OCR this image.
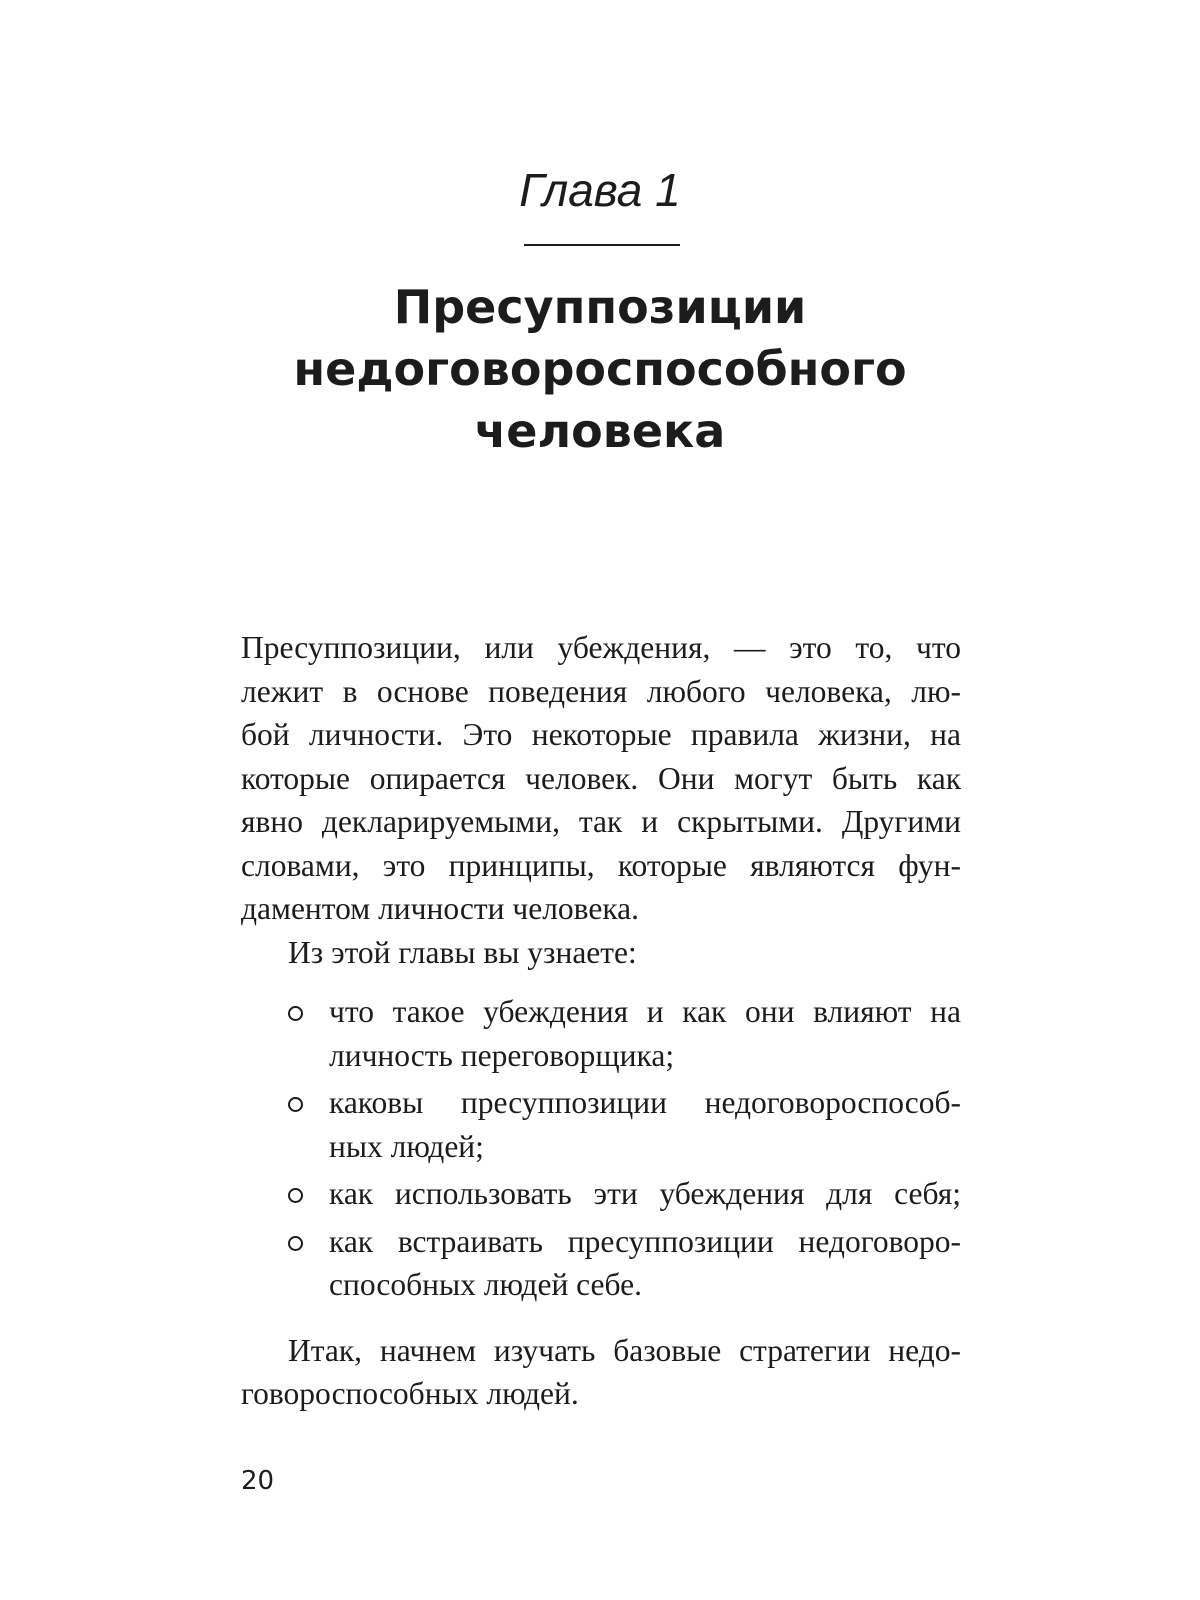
Глава 1
Пресуппозиции
недоговороспособного
человека
Пресуппозиции, или убеждения, — это то, что
лежит в основе поведения любого человека, лю-
бой личности. Это некоторые правила жизни, на
которые опирается человек. Они могут быть как
явно декларируемыми, так и скрытыми. Другими
словами, это принципы, которые являются фун-
даментом личности человека.
Из этой главы вы узнаете:
что такое убеждения и как они влияют на
личность переговорщика;
каковы пресуппозиции недоговороспособ-
ных людей;
как использовать эти убеждения для себя;
как встраивать пресуппозиции недоговоро-
способных людей себе.
Итак, начнем изучать базовые стратегии недо-
говороспособных людей.
20
